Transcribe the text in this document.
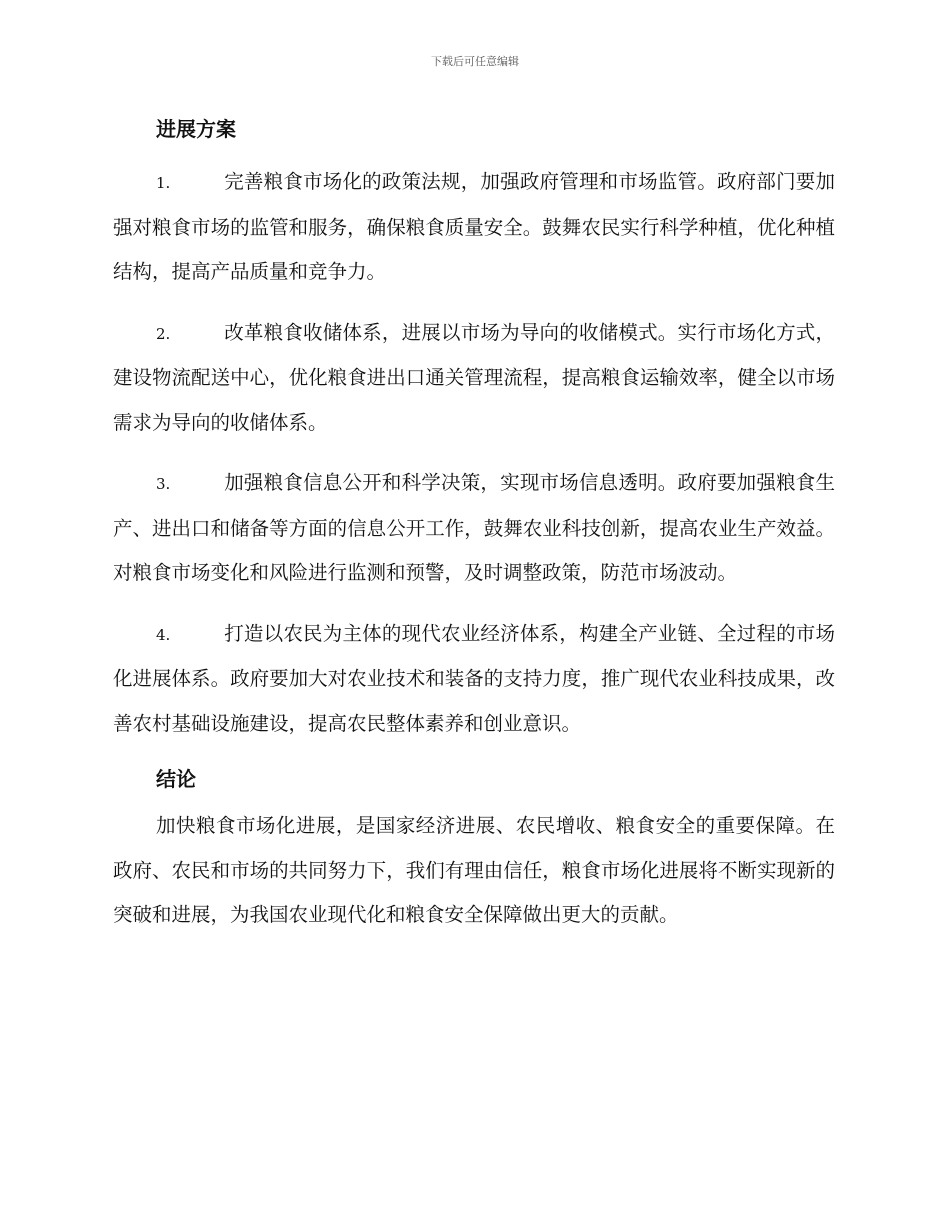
下载后可任意编辑
进展方案

1.	完善粮食市场化的政策法规，加强政府管理和市场监管。政府部门要加强对粮食市场的监管和服务，确保粮食质量安全。鼓舞农民实行科学种植，优化种植结构，提高产品质量和竞争力。

2.	改革粮食收储体系，进展以市场为导向的收储模式。实行市场化方式，建设物流配送中心，优化粮食进出口通关管理流程，提高粮食运输效率，健全以市场需求为导向的收储体系。

3.	加强粮食信息公开和科学决策，实现市场信息透明。政府要加强粮食生产、进出口和储备等方面的信息公开工作，鼓舞农业科技创新，提高农业生产效益。对粮食市场变化和风险进行监测和预警，及时调整政策，防范市场波动。

4.	打造以农民为主体的现代农业经济体系，构建全产业链、全过程的市场化进展体系。政府要加大对农业技术和装备的支持力度，推广现代农业科技成果，改善农村基础设施建设，提高农民整体素养和创业意识。

结论

加快粮食市场化进展，是国家经济进展、农民增收、粮食安全的重要保障。在政府、农民和市场的共同努力下，我们有理由信任，粮食市场化进展将不断实现新的突破和进展，为我国农业现代化和粮食安全保障做出更大的贡献。
